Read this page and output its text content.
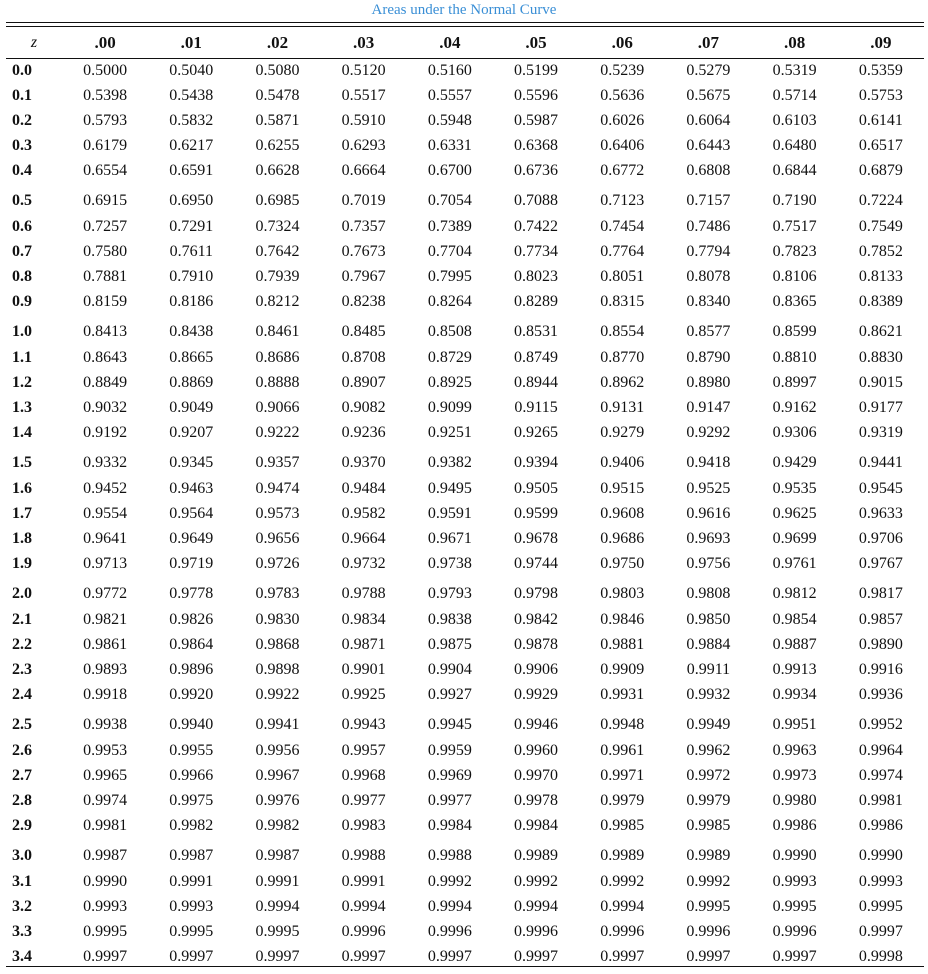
Areas under the Normal Curve
z	.00	.01	.02	.03	.04	.05	.06	.07	.08	.09
0.0	0.5000	0.5040	0.5080	0.5120	0.5160	0.5199	0.5239	0.5279	0.5319	0.5359
0.1	0.5398	0.5438	0.5478	0.5517	0.5557	0.5596	0.5636	0.5675	0.5714	0.5753
0.2	0.5793	0.5832	0.5871	0.5910	0.5948	0.5987	0.6026	0.6064	0.6103	0.6141
0.3	0.6179	0.6217	0.6255	0.6293	0.6331	0.6368	0.6406	0.6443	0.6480	0.6517
0.4	0.6554	0.6591	0.6628	0.6664	0.6700	0.6736	0.6772	0.6808	0.6844	0.6879
0.5	0.6915	0.6950	0.6985	0.7019	0.7054	0.7088	0.7123	0.7157	0.7190	0.7224
0.6	0.7257	0.7291	0.7324	0.7357	0.7389	0.7422	0.7454	0.7486	0.7517	0.7549
0.7	0.7580	0.7611	0.7642	0.7673	0.7704	0.7734	0.7764	0.7794	0.7823	0.7852
0.8	0.7881	0.7910	0.7939	0.7967	0.7995	0.8023	0.8051	0.8078	0.8106	0.8133
0.9	0.8159	0.8186	0.8212	0.8238	0.8264	0.8289	0.8315	0.8340	0.8365	0.8389
1.0	0.8413	0.8438	0.8461	0.8485	0.8508	0.8531	0.8554	0.8577	0.8599	0.8621
1.1	0.8643	0.8665	0.8686	0.8708	0.8729	0.8749	0.8770	0.8790	0.8810	0.8830
1.2	0.8849	0.8869	0.8888	0.8907	0.8925	0.8944	0.8962	0.8980	0.8997	0.9015
1.3	0.9032	0.9049	0.9066	0.9082	0.9099	0.9115	0.9131	0.9147	0.9162	0.9177
1.4	0.9192	0.9207	0.9222	0.9236	0.9251	0.9265	0.9279	0.9292	0.9306	0.9319
1.5	0.9332	0.9345	0.9357	0.9370	0.9382	0.9394	0.9406	0.9418	0.9429	0.9441
1.6	0.9452	0.9463	0.9474	0.9484	0.9495	0.9505	0.9515	0.9525	0.9535	0.9545
1.7	0.9554	0.9564	0.9573	0.9582	0.9591	0.9599	0.9608	0.9616	0.9625	0.9633
1.8	0.9641	0.9649	0.9656	0.9664	0.9671	0.9678	0.9686	0.9693	0.9699	0.9706
1.9	0.9713	0.9719	0.9726	0.9732	0.9738	0.9744	0.9750	0.9756	0.9761	0.9767
2.0	0.9772	0.9778	0.9783	0.9788	0.9793	0.9798	0.9803	0.9808	0.9812	0.9817
2.1	0.9821	0.9826	0.9830	0.9834	0.9838	0.9842	0.9846	0.9850	0.9854	0.9857
2.2	0.9861	0.9864	0.9868	0.9871	0.9875	0.9878	0.9881	0.9884	0.9887	0.9890
2.3	0.9893	0.9896	0.9898	0.9901	0.9904	0.9906	0.9909	0.9911	0.9913	0.9916
2.4	0.9918	0.9920	0.9922	0.9925	0.9927	0.9929	0.9931	0.9932	0.9934	0.9936
2.5	0.9938	0.9940	0.9941	0.9943	0.9945	0.9946	0.9948	0.9949	0.9951	0.9952
2.6	0.9953	0.9955	0.9956	0.9957	0.9959	0.9960	0.9961	0.9962	0.9963	0.9964
2.7	0.9965	0.9966	0.9967	0.9968	0.9969	0.9970	0.9971	0.9972	0.9973	0.9974
2.8	0.9974	0.9975	0.9976	0.9977	0.9977	0.9978	0.9979	0.9979	0.9980	0.9981
2.9	0.9981	0.9982	0.9982	0.9983	0.9984	0.9984	0.9985	0.9985	0.9986	0.9986
3.0	0.9987	0.9987	0.9987	0.9988	0.9988	0.9989	0.9989	0.9989	0.9990	0.9990
3.1	0.9990	0.9991	0.9991	0.9991	0.9992	0.9992	0.9992	0.9992	0.9993	0.9993
3.2	0.9993	0.9993	0.9994	0.9994	0.9994	0.9994	0.9994	0.9995	0.9995	0.9995
3.3	0.9995	0.9995	0.9995	0.9996	0.9996	0.9996	0.9996	0.9996	0.9996	0.9997
3.4	0.9997	0.9997	0.9997	0.9997	0.9997	0.9997	0.9997	0.9997	0.9997	0.9998
